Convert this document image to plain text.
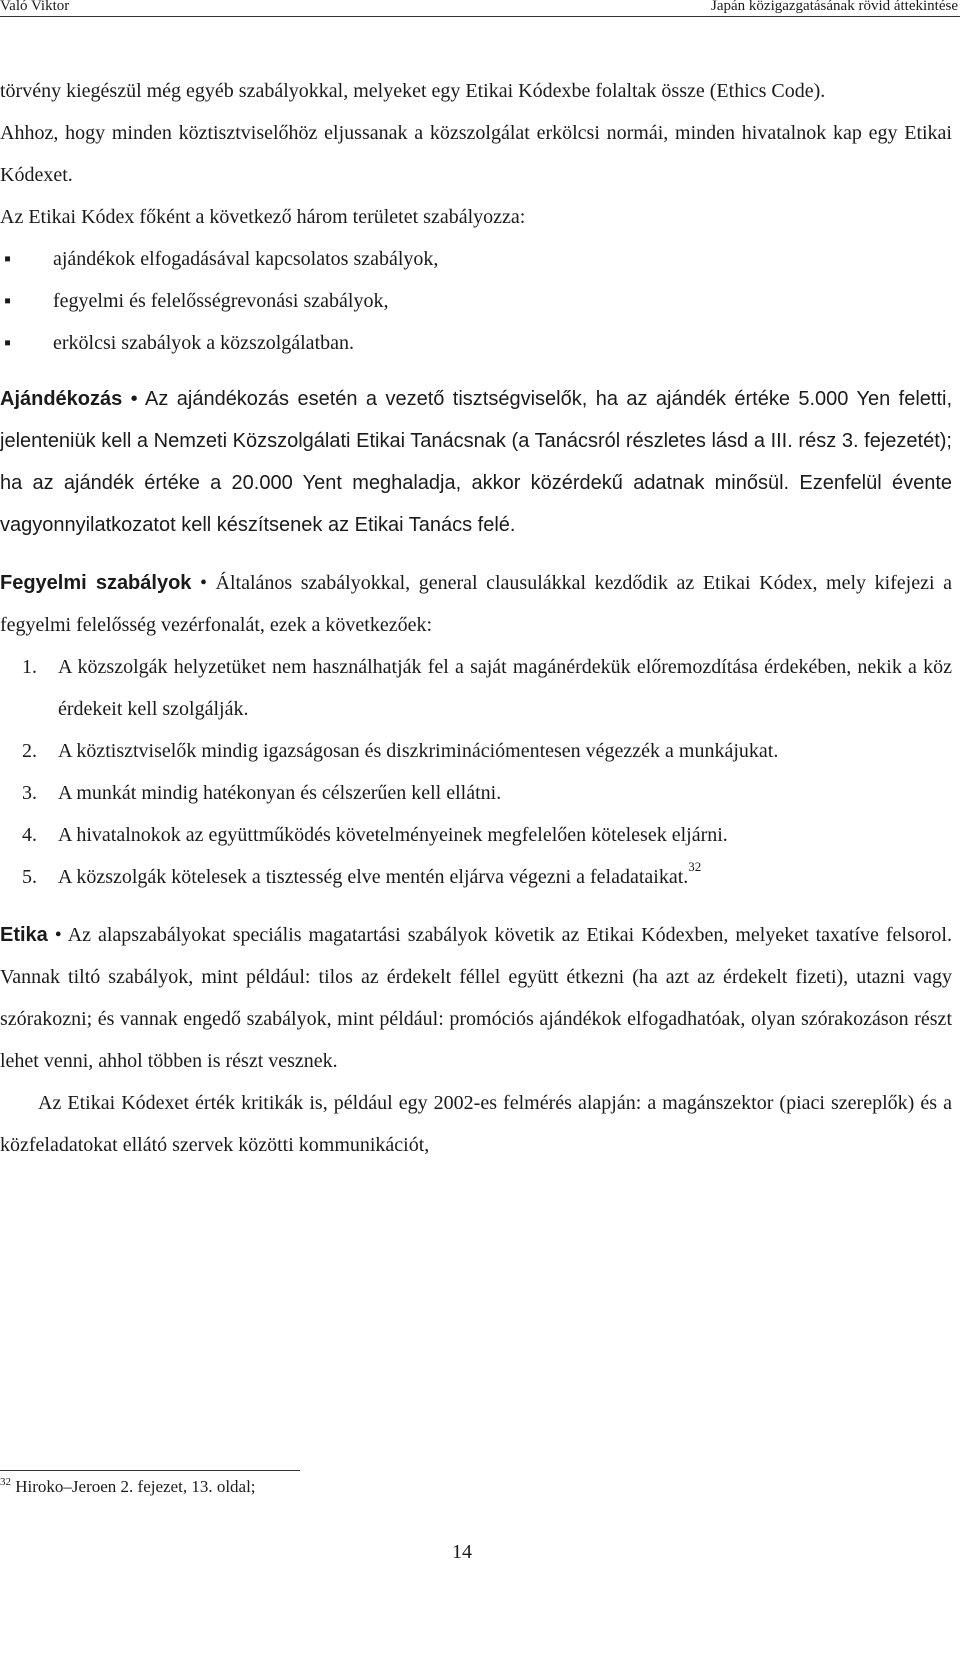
Való Viktor	Japán közigazgatásának rövid áttekintése

törvény kiegészül még egyéb szabályokkal, melyeket egy Etikai Kódexbe folaltak össze (Ethics Code).

Ahhoz, hogy minden köztisztviselőhöz eljussanak a közszolgálat erkölcsi normái, minden hivatalnok kap egy Etikai Kódexet.

Az Etikai Kódex főként a következő három területet szabályozza:

▪ ajándékok elfogadásával kapcsolatos szabályok,
▪ fegyelmi és felelősségrevonási szabályok,
▪ erkölcsi szabályok a közszolgálatban.

Ajándékozás • Az ajándékozás esetén a vezető tisztségviselők, ha az ajándék értéke 5.000 Yen feletti, jelenteniük kell a Nemzeti Közszolgálati Etikai Tanácsnak (a Tanácsról részletes lásd a III. rész 3. fejezetét); ha az ajándék értéke a 20.000 Yent meghaladja, akkor közérdekű adatnak minősül. Ezenfelül évente vagyonnyilatkozatot kell készítsenek az Etikai Tanács felé.

Fegyelmi szabályok • Általános szabályokkal, general clausulákkal kezdődik az Etikai Kódex, mely kifejezi a fegyelmi felelősség vezérfonalát, ezek a következőek:

1. A közszolgák helyzetüket nem használhatják fel a saját magánérdekük előremozdítása érdekében, nekik a köz érdekeit kell szolgálják.
2. A köztisztviselők mindig igazságosan és diszkriminációmentesen végezzék a munkájukat.
3. A munkát mindig hatékonyan és célszerűen kell ellátni.
4. A hivatalnokok az együttműködés követelményeinek megfelelően kötelesek eljárni.
5. A közszolgák kötelesek a tisztesség elve mentén eljárva végezni a feladataikat.$^{32}$

Etika • Az alapszabályokat speciális magatartási szabályok követik az Etikai Kódexben, melyeket taxatíve felsorol. Vannak tiltó szabályok, mint például: tilos az érdekelt féllel együtt étkezni (ha azt az érdekelt fizeti), utazni vagy szórakozni; és vannak engedő szabályok, mint például: promóciós ajándékok elfogadhatóak, olyan szórakozáson részt lehet venni, ahhol többen is részt vesznek.

Az Etikai Kódexet érték kritikák is, például egy 2002-es felmérés alapján: a magánszektor (piaci szereplők) és a közfeladatokat ellátó szervek közötti kommunikációt,

$^{32}$ Hiroko–Jeroen 2. fejezet, 13. oldal;
14
